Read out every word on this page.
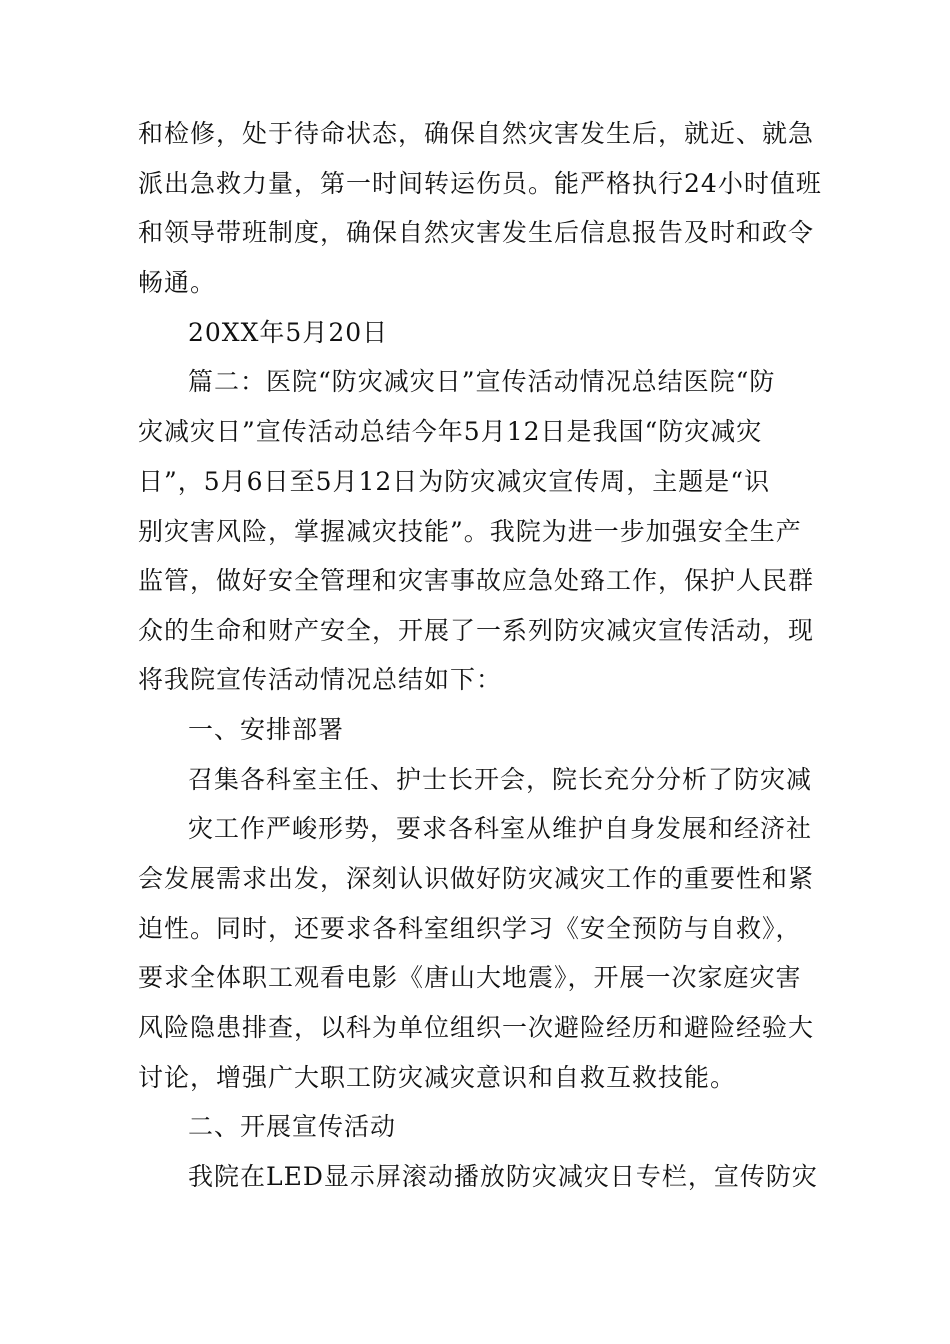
和检修，处于待命状态，确保自然灾害发生后，就近、就急
派出急救力量，第一时间转运伤员。能严格执行24小时值班
和领导带班制度，确保自然灾害发生后信息报告及时和政令
畅通。
20XX年5月20日
篇二：医院“防灾减灾日”宣传活动情况总结医院“防
灾减灾日”宣传活动总结今年5月12日是我国“防灾减灾
日”，5月6日至5月12日为防灾减灾宣传周，主题是“识
别灾害风险，掌握减灾技能”。我院为进一步加强安全生产
监管，做好安全管理和灾害事故应急处臵工作，保护人民群
众的生命和财产安全，开展了一系列防灾减灾宣传活动，现
将我院宣传活动情况总结如下：
一、安排部署
召集各科室主任、护士长开会，院长充分分析了防灾减
灾工作严峻形势，要求各科室从维护自身发展和经济社
会发展需求出发，深刻认识做好防灾减灾工作的重要性和紧
迫性。同时，还要求各科室组织学习《安全预防与自救》，
要求全体职工观看电影《唐山大地震》，开展一次家庭灾害
风险隐患排查，以科为单位组织一次避险经历和避险经验大
讨论，增强广大职工防灾减灾意识和自救互救技能。
二、开展宣传活动
我院在LED显示屏滚动播放防灾减灾日专栏，宣传防灾
